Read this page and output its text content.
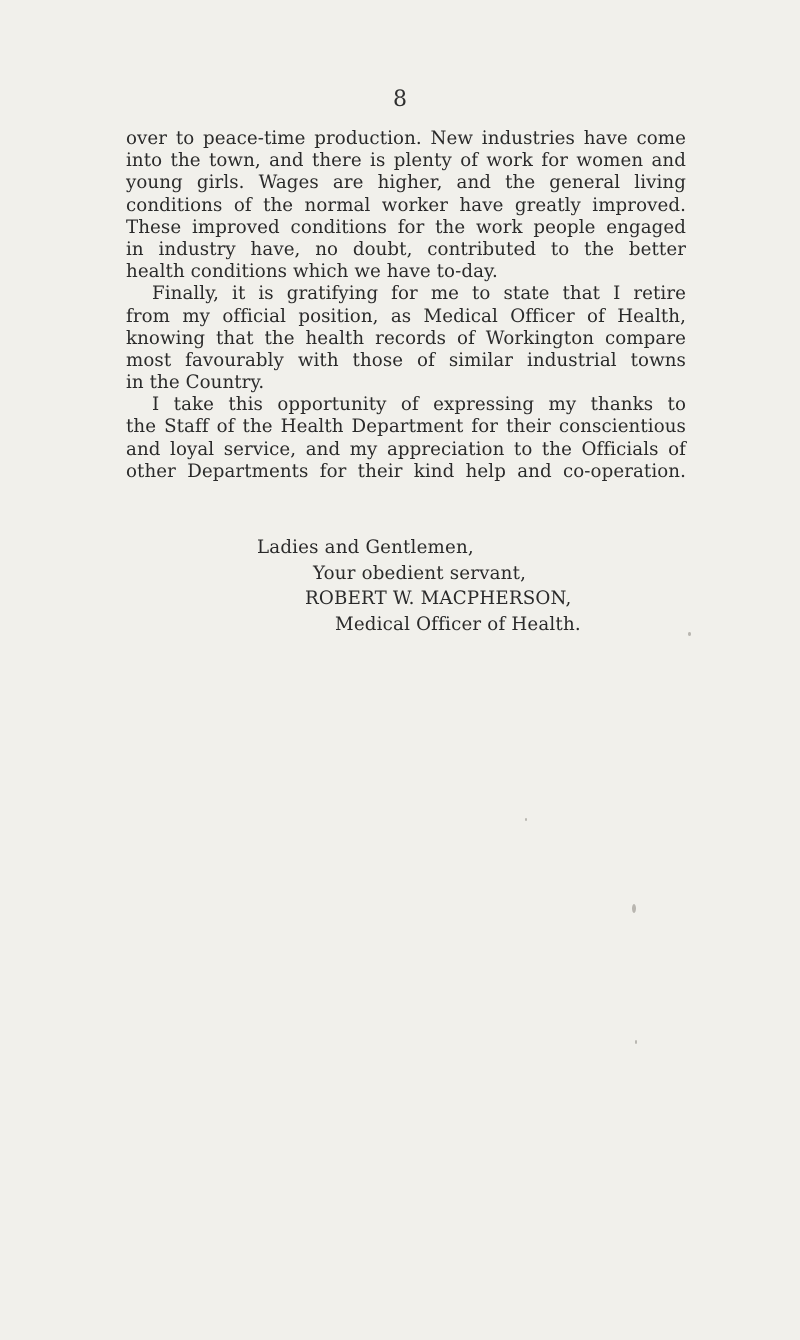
8
over to peace-time production. New industries have come
into the town, and there is plenty of work for women and
young girls. Wages are higher, and the general living
conditions of the normal worker have greatly improved.
These improved conditions for the work people engaged
in industry have, no doubt, contributed to the better
health conditions which we have to-day.
Finally, it is gratifying for me to state that I retire
from my official position, as Medical Officer of Health,
knowing that the health records of Workington compare
most favourably with those of similar industrial towns
in the Country.
I take this opportunity of expressing my thanks to
the Staff of the Health Department for their conscientious
and loyal service, and my appreciation to the Officials of
other Departments for their kind help and co-operation.
Ladies and Gentlemen,
Your obedient servant,
ROBERT W. MACPHERSON,
Medical Officer of Health.
